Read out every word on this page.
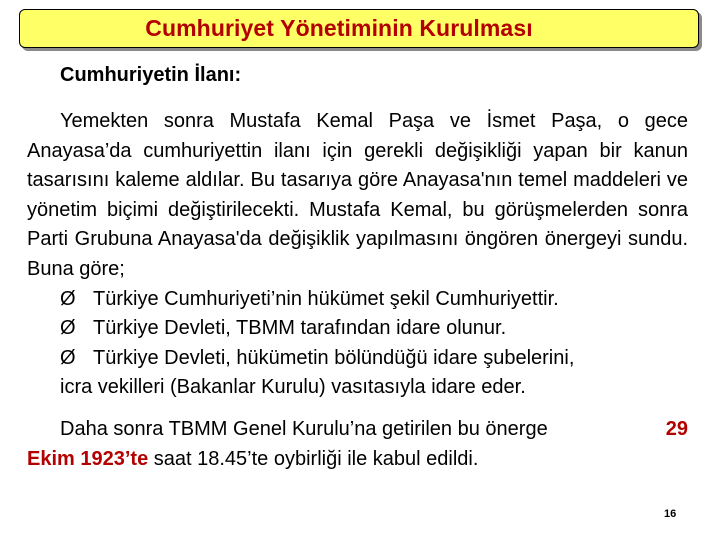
Cumhuriyet Yönetiminin Kurulması
Cumhuriyetin İlanı:

Yemekten sonra Mustafa Kemal Paşa ve İsmet Paşa, o gece Anayasa’da cumhuriyettin ilanı için gerekli değişikliği yapan bir kanun tasarısını kaleme aldılar. Bu tasarıya göre Anayasa'nın temel maddeleri ve yönetim biçimi değiştirilecekti. Mustafa Kemal, bu görüşmelerden sonra Parti Grubuna Anayasa'da değişiklik yapılmasını öngören önergeyi sundu. Buna göre;

Ø Türkiye Cumhuriyeti’nin hükümet şekil Cumhuriyettir.
Ø Türkiye Devleti, TBMM tarafından idare olunur.
Ø Türkiye Devleti, hükümetin bölündüğü idare şubelerini,

icra vekilleri (Bakanlar Kurulu) vasıtasıyla idare eder.

Daha sonra TBMM Genel Kurulu’na getirilen bu önerge	29
Ekim 1923’te saat 18.45’te oybirliği ile kabul edildi.
16
